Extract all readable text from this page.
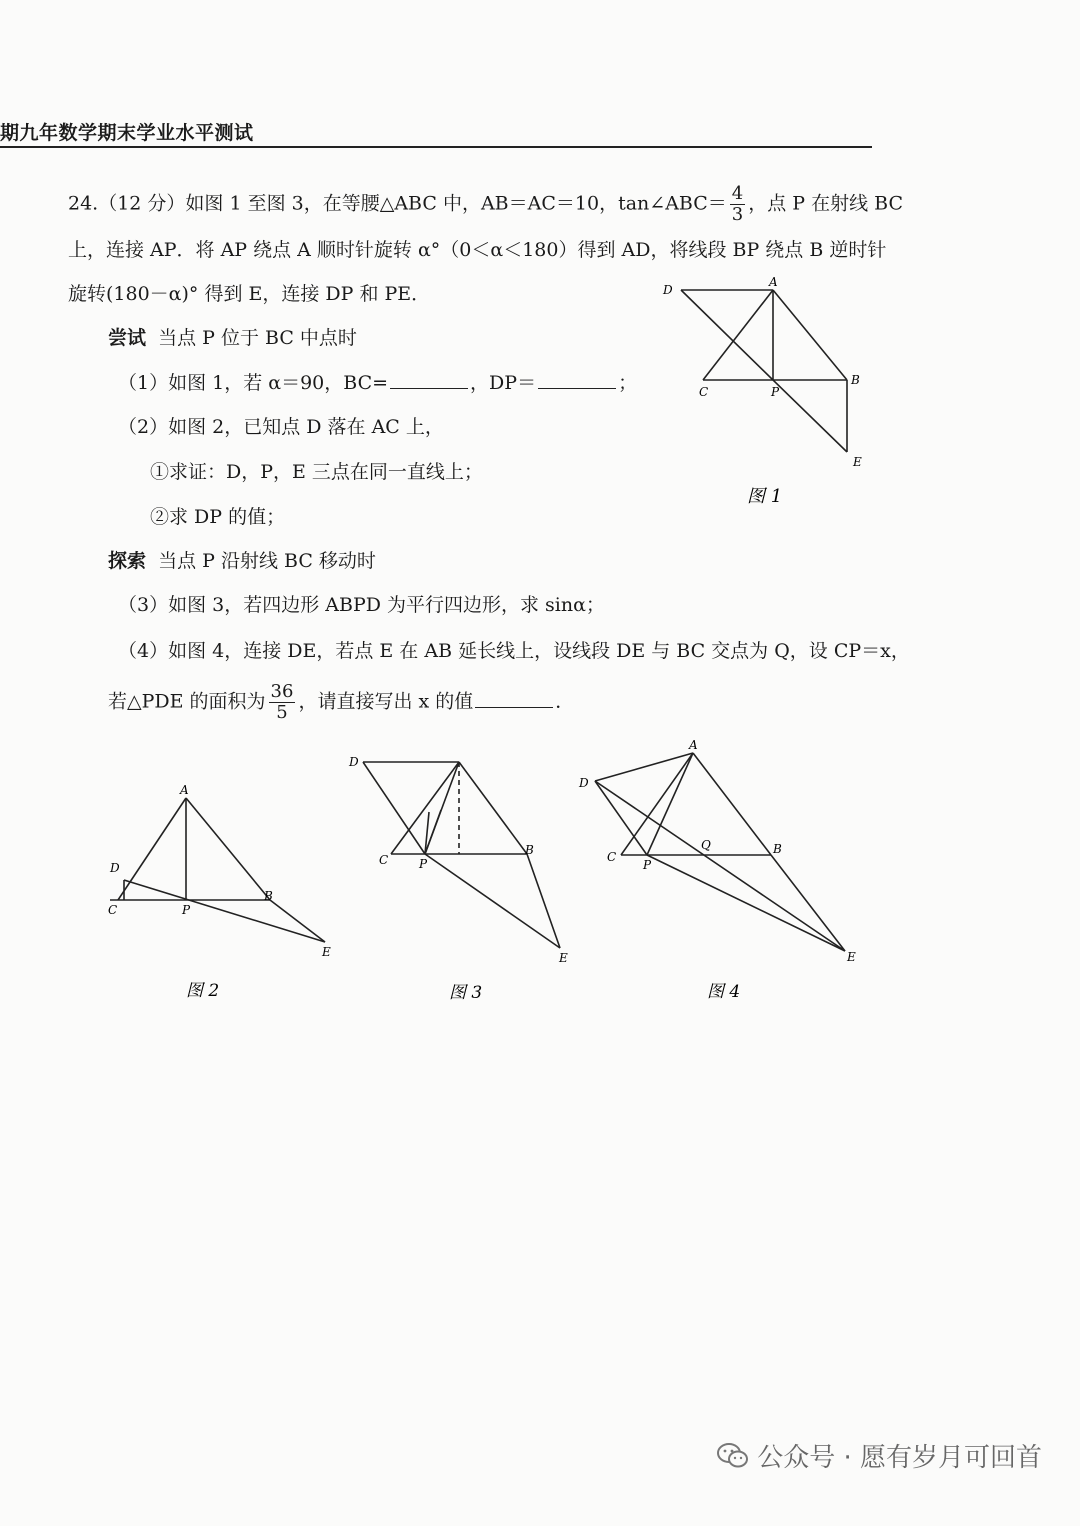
期九年数学期末学业水平测试
24.（12 分）如图 1 至图 3，在等腰△ABC 中，AB＝AC＝10，tan∠ABC＝ $\frac{4}{3}$ ，点 P 在射线 BC
上，连接 AP．将 AP 绕点 A 顺时针旋转 α°（0＜α＜180）得到 AD，将线段 BP 绕点 B 逆时针
旋转(180－α)° 得到 E，连接 DP 和 PE．
尝试 当点 P 位于 BC 中点时
（1）如图 1，若 α＝90，BC=	，DP＝	；
（2）如图 2，已知点 D 落在 AC 上，
①求证：D，P，E 三点在同一直线上；
②求 DP 的值；
探索 当点 P 沿射线 BC 移动时
（3）如图 3，若四边形 ABPD 为平行四边形，求 sinα；
（4）如图 4，连接 DE，若点 E 在 AB 延长线上，设线段 DE 与 BC 交点为 Q，设 CP＝x，
若△PDE 的面积为 $\frac{36}{5}$ ，请直接写出 x 的值	．
D
A
C	P
B
E
图 1
A
D
C	P
B
E
图 2
D
C	P
B
E
图 3
A
D
C
P
Q	B
E
图 4
公众号 · 愿有岁月可回首
